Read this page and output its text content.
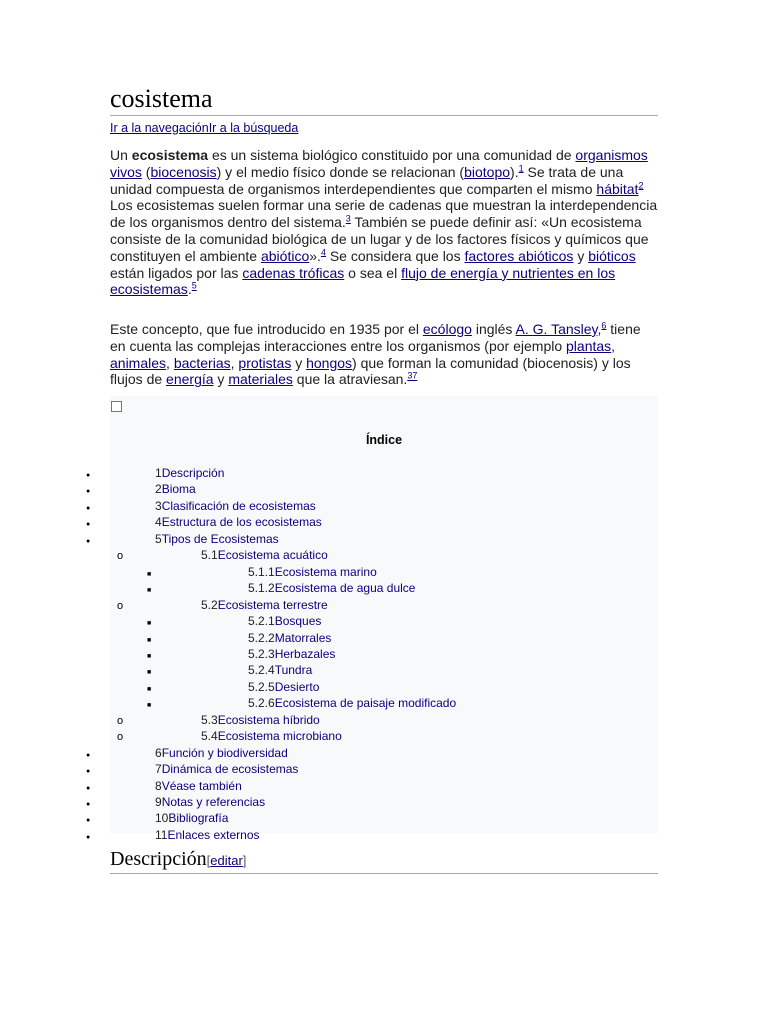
cosistema
Ir a la navegaciónIr a la búsqueda

Un ecosistema es un sistema biológico constituido por una comunidad de organismos vivos (biocenosis) y el medio físico donde se relacionan (biotopo).$^1$ Se trata de una unidad compuesta de organismos interdependientes que comparten el mismo hábitat$^2$ Los ecosistemas suelen formar una serie de cadenas que muestran la interdependencia de los organismos dentro del sistema.$^3$ También se puede definir así: «Un ecosistema consiste de la comunidad biológica de un lugar y de los factores físicos y químicos que constituyen el ambiente abiótico».$^4$ Se considera que los factores abióticos y bióticos están ligados por las cadenas tróficas o sea el flujo de energía y nutrientes en los ecosistemas.$^5$

Este concepto, que fue introducido en 1935 por el ecólogo inglés A. G. Tansley,$^6$ tiene en cuenta las complejas interacciones entre los organismos (por ejemplo plantas, animales, bacterias, protistas y hongos) que forman la comunidad (biocenosis) y los flujos de energía y materiales que la atraviesan.$^{37}$

Índice
●	1Descripción
●	2Bioma
●	3Clasificación de ecosistemas
●	4Estructura de los ecosistemas
●	5Tipos de Ecosistemas
o	5.1Ecosistema acuático
■	5.1.1Ecosistema marino
■	5.1.2Ecosistema de agua dulce
o	5.2Ecosistema terrestre
■	5.2.1Bosques
■	5.2.2Matorrales
■	5.2.3Herbazales
■	5.2.4Tundra
■	5.2.5Desierto
■	5.2.6Ecosistema de paisaje modificado
o	5.3Ecosistema híbrido
o	5.4Ecosistema microbiano
●	6Función y biodiversidad
●	7Dinámica de ecosistemas
●	8Véase también
●	9Notas y referencias
●	10Bibliografía
●	11Enlaces externos
Descripción[editar]
